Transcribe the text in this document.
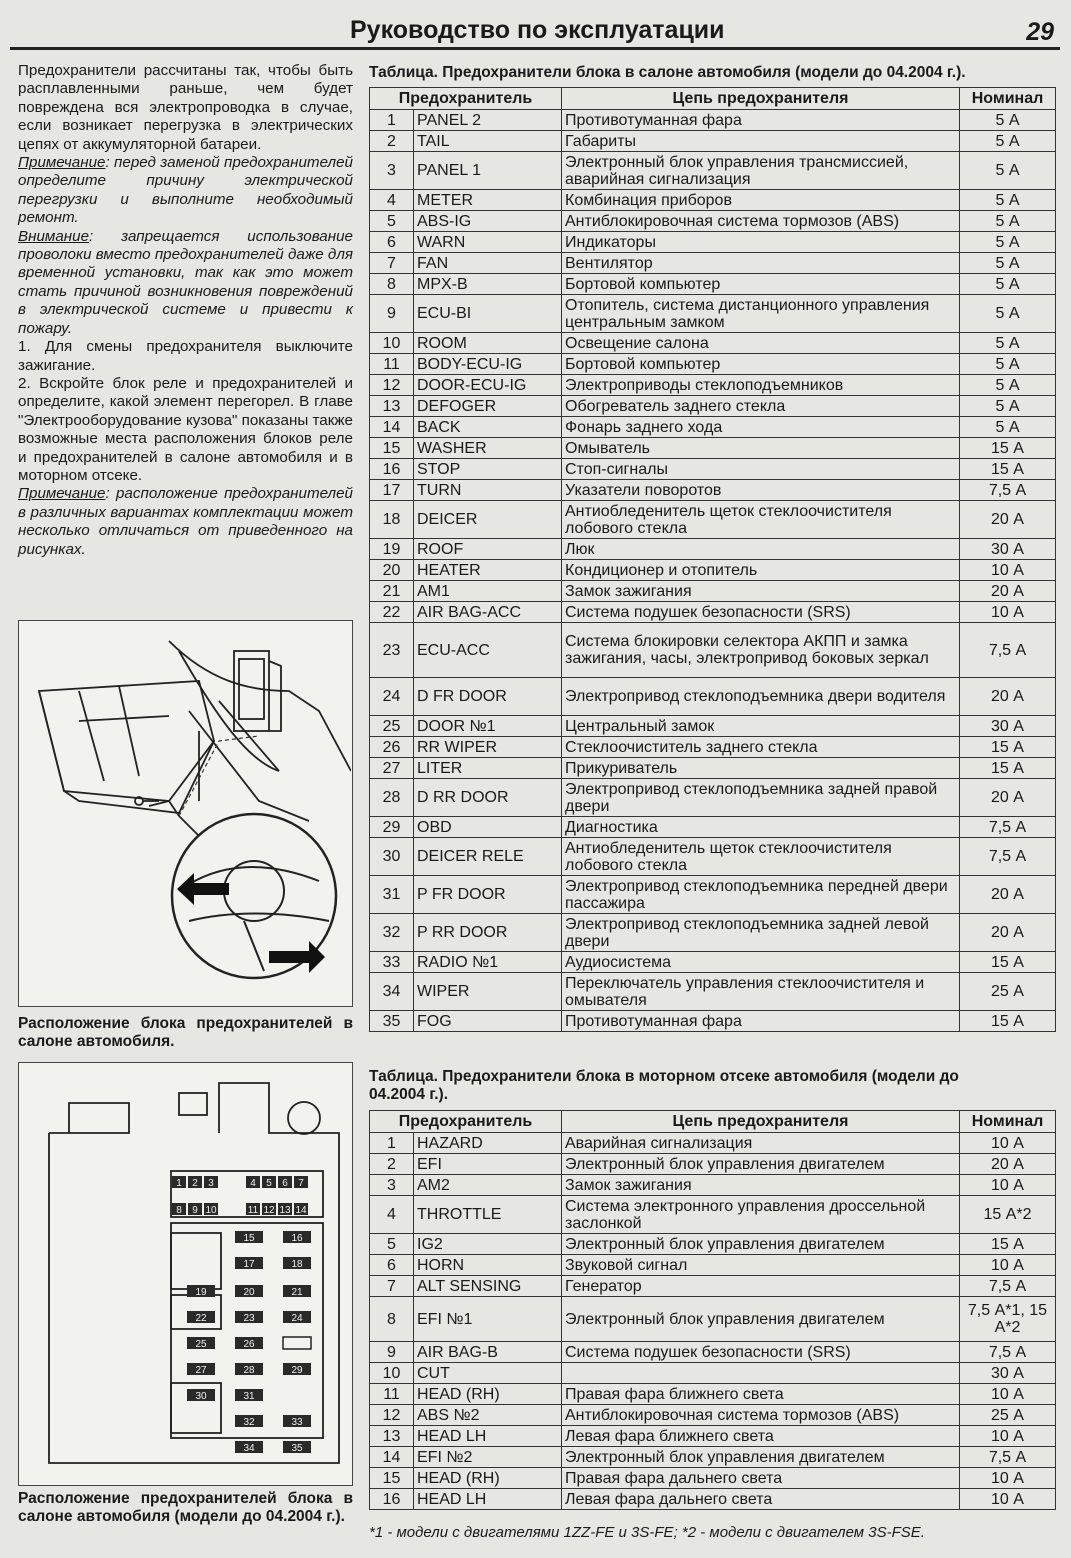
Руководство по эксплуатации	29

Предохранители рассчитаны так, чтобы быть расплавленными раньше, чем будет повреждена вся электропроводка в случае, если возникает перегрузка в электрических цепях от аккумуляторной батареи.

Примечание: перед заменой предохранителей определите причину электрической перегрузки и выполните необходимый ремонт.

Внимание: запрещается использование проволоки вместо предохранителей даже для временной установки, так как это может стать причиной возникновения повреждений в электрической системе и привести к пожару.

1. Для смены предохранителя выключите зажигание.

2. Вскройте блок реле и предохранителей и определите, какой элемент перегорел. В главе "Электрооборудование кузова" показаны также возможные места расположения блоков реле и предохранителей в салоне автомобиля и в моторном отсеке.

Примечание: расположение предохранителей в различных вариантах комплектации может несколько отличаться от приведенного на рисунках.

Расположение блока предохранителей в салоне автомобиля.
1 2 3	4 5 6 7
8 9 10	11 12 13 14
15	16
17	18
19	20	21
22	23	24
25	26
27	28	29
30	31
32	33
34	35
Расположение предохранителей блока в салоне автомобиля (модели до 04.2004 г.).
Таблица. Предохранители блока в салоне автомобиля (модели до 04.2004 г.).
Предохранитель		Цепь предохранителя	Номинал
1	PANEL 2	Противотуманная фара	5 А
2	TAIL	Габариты	5 А
3	PANEL 1	Электронный блок управления трансмиссией, аварийная сигнализация	5 А
4	METER	Комбинация приборов	5 А
5	ABS-IG	Антиблокировочная система тормозов (ABS)	5 А
6	WARN	Индикаторы	5 А
7	FAN	Вентилятор	5 А
8	MPX-B	Бортовой компьютер	5 А
9	ECU-BI	Отопитель, система дистанционного управления центральным замком	5 А
10	ROOM	Освещение салона	5 А
11	BODY-ECU-IG	Бортовой компьютер	5 А
12	DOOR-ECU-IG	Электроприводы стеклоподъемников	5 А
13	DEFOGER	Обогреватель заднего стекла	5 А
14	BACK	Фонарь заднего хода	5 А
15	WASHER	Омыватель	15 А
16	STOP	Стоп-сигналы	15 А
17	TURN	Указатели поворотов	7,5 А
18	DEICER	Антиобледенитель щеток стеклоочистителя лобового стекла	20 А
19	ROOF	Люк	30 А
20	HEATER	Кондиционер и отопитель	10 А
21	AM1	Замок зажигания	20 А
22	AIR BAG-ACC	Система подушек безопасности (SRS)	10 А
23	ECU-ACC	Система блокировки селектора АКПП и замка зажигания, часы, электропривод боковых зеркал	7,5 А
24	D FR DOOR	Электропривод стеклоподъемника двери водителя	20 А
25	DOOR №1	Центральный замок	30 А
26	RR WIPER	Стеклоочиститель заднего стекла	15 А
27	LITER	Прикуриватель	15 А
28	D RR DOOR	Электропривод стеклоподъемника задней правой двери	20 А
29	OBD	Диагностика	7,5 А
30	DEICER RELE	Антиобледенитель щеток стеклоочистителя лобового стекла	7,5 А
31	P FR DOOR	Электропривод стеклоподъемника передней двери пассажира	20 А
32	P RR DOOR	Электропривод стеклоподъемника задней левой двери	20 А
33	RADIO №1	Аудиосистема	15 А
34	WIPER	Переключатель управления стеклоочистителя и омывателя	25 А
35	FOG	Противотуманная фара	15 А
Таблица. Предохранители блока в моторном отсеке автомобиля (модели до 04.2004 г.).
Предохранитель		Цепь предохранителя	Номинал
1	HAZARD	Аварийная сигнализация	10 А
2	EFI	Электронный блок управления двигателем	20 А
3	AM2	Замок зажигания	10 А
4	THROTTLE	Система электронного управления дроссельной заслонкой	15 А*2
5	IG2	Электронный блок управления двигателем	15 А
6	HORN	Звуковой сигнал	10 А
7	ALT SENSING	Генератор	7,5 А
8	EFI №1	Электронный блок управления двигателем	7,5 А*1, 15 А*2
9	AIR BAG-B	Система подушек безопасности (SRS)	7,5 А
10	CUT		30 А
11	HEAD (RH)	Правая фара ближнего света	10 А
12	ABS №2	Антиблокировочная система тормозов (ABS)	25 А
13	HEAD LH	Левая фара ближнего света	10 А
14	EFI №2	Электронный блок управления двигателем	7,5 А
15	HEAD (RH)	Правая фара дальнего света	10 А
16	HEAD LH	Левая фара дальнего света	10 А
*1 - модели с двигателями 1ZZ-FE и 3S-FE; *2 - модели с двигателем 3S-FSE.
